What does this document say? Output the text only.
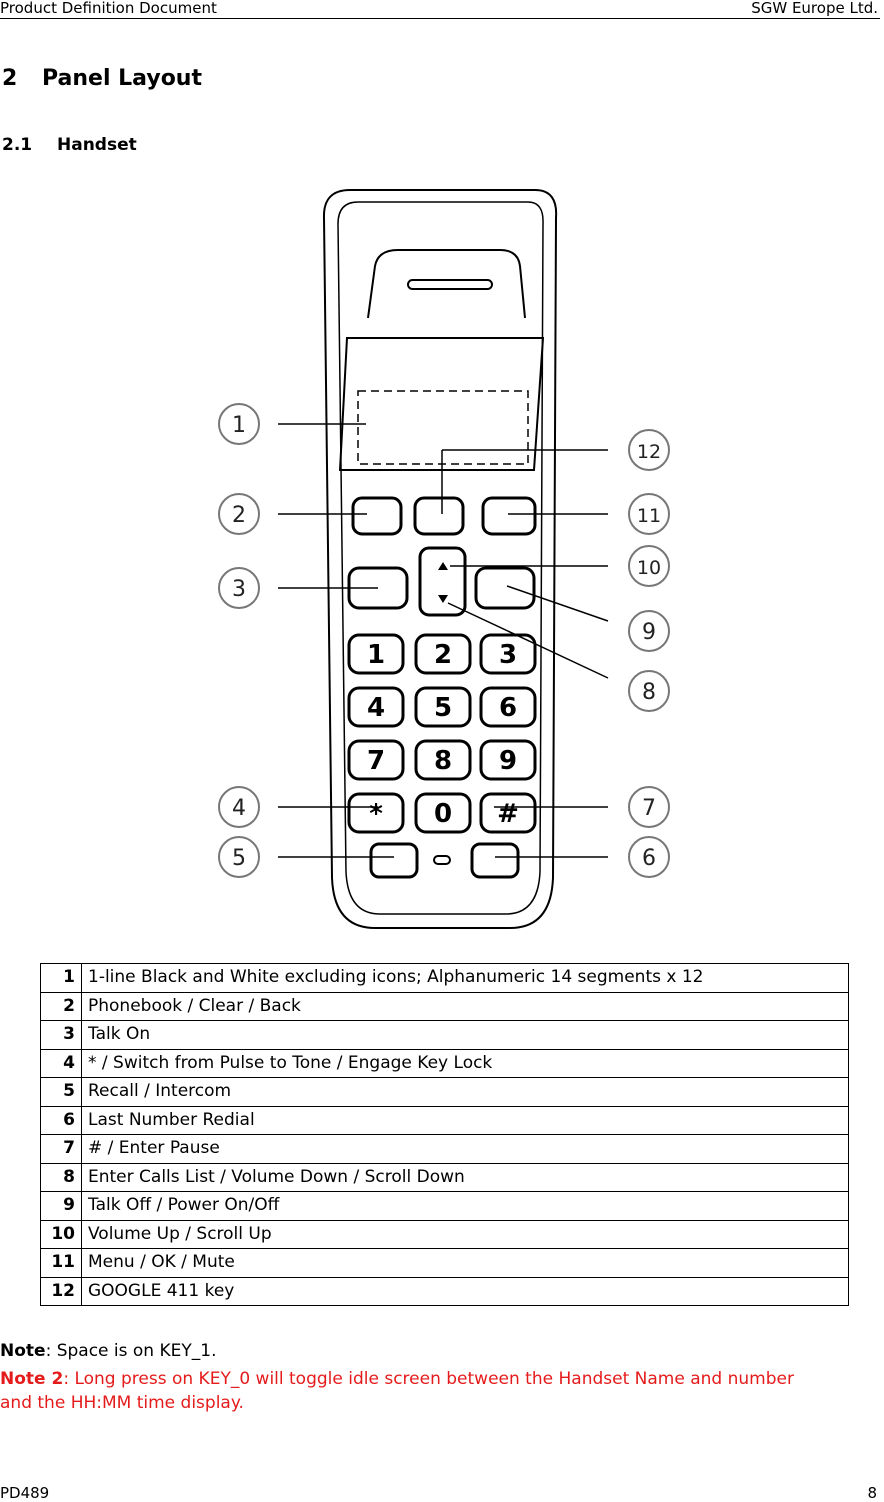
Product Definition Document	SGW Europe Ltd.
2 Panel Layout
2.1 Handset
1 2 3
4 5 6
7 8 9
* 0 #
1
2
3
4
5	6
7
8
9
10
11
12
1	1-line Black and White excluding icons; Alphanumeric 14 segments x 12
2	Phonebook / Clear / Back
3	Talk On
4	* / Switch from Pulse to Tone / Engage Key Lock
5	Recall / Intercom
6	Last Number Redial
7	# / Enter Pause
8	Enter Calls List / Volume Down / Scroll Down
9	Talk Off / Power On/Off
10	Volume Up / Scroll Up
11	Menu / OK / Mute
12	GOOGLE 411 key
Note: Space is on KEY_1.
Note 2: Long press on KEY_0 will toggle idle screen between the Handset Name and number and the HH:MM time display.
PD489	8
